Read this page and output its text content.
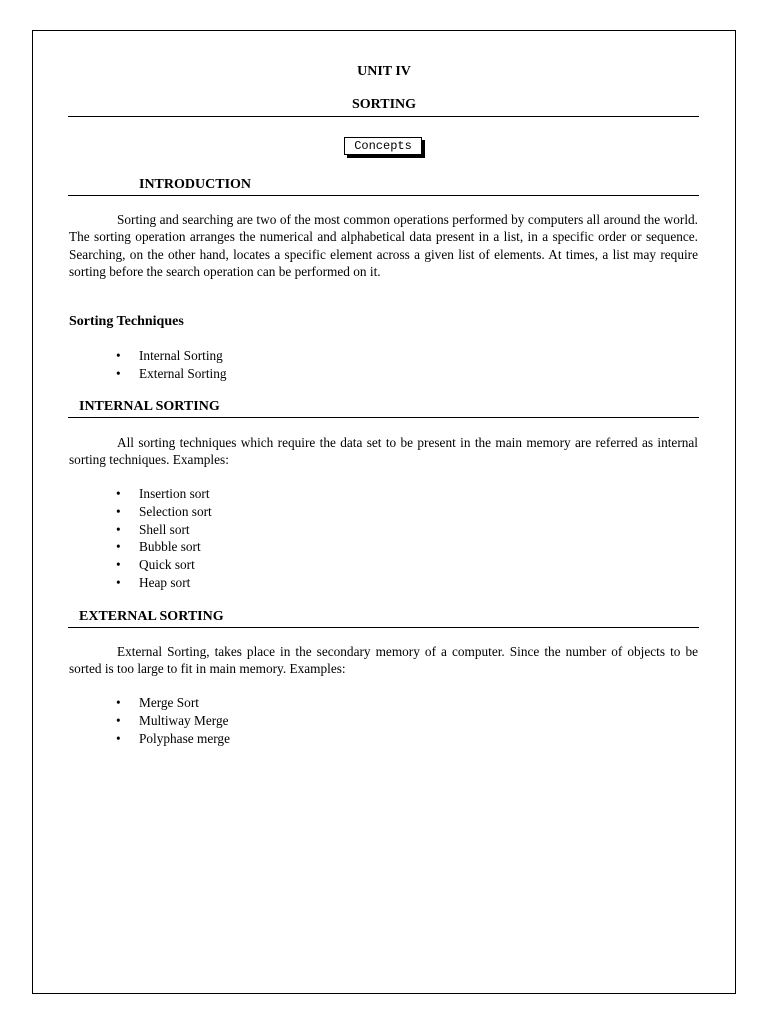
UNIT IV
SORTING
Concepts
INTRODUCTION

Sorting and searching are two of the most common operations performed by computers all around the world. The sorting operation arranges the numerical and alphabetical data present in a list, in a specific order or sequence. Searching, on the other hand, locates a specific element across a given list of elements. At times, a list may require sorting before the search operation can be performed on it.

Sorting Techniques
• Internal Sorting
• External Sorting
INTERNAL SORTING

All sorting techniques which require the data set to be present in the main memory are referred as internal sorting techniques. Examples:

• Insertion sort
• Selection sort
• Shell sort
• Bubble sort
• Quick sort
• Heap sort
EXTERNAL SORTING

External Sorting, takes place in the secondary memory of a computer. Since the number of objects to be sorted is too large to fit in main memory. Examples:

• Merge Sort
• Multiway Merge
• Polyphase merge
